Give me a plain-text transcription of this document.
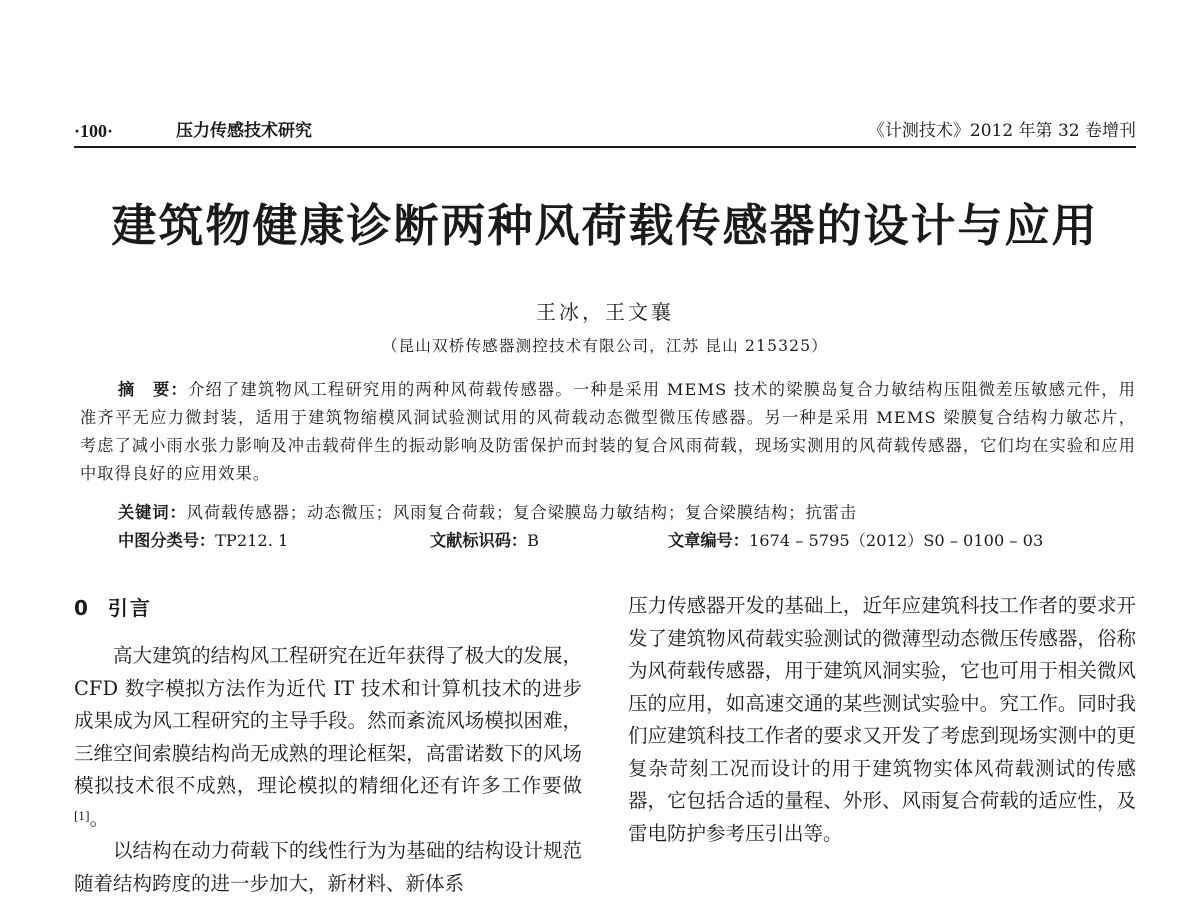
·100·	压力传感技术研究	《计测技术》2012 年第 32 卷增刊
建筑物健康诊断两种风荷载传感器的设计与应用
王冰，王文襄
（昆山双桥传感器测控技术有限公司，江苏 昆山 215325）
摘　要：介绍了建筑物风工程研究用的两种风荷载传感器。一种是采用 MEMS 技术的梁膜岛复合力敏结构压阻微差压敏感元件，用准齐平无应力微封装，适用于建筑物缩模风洞试验测试用的风荷载动态微型微压传感器。另一种是采用 MEMS 梁膜复合结构力敏芯片，考虑了减小雨水张力影响及冲击载荷伴生的振动影响及防雷保护而封装的复合风雨荷载，现场实测用的风荷载传感器，它们均在实验和应用中取得良好的应用效果。
关键词：风荷载传感器；动态微压；风雨复合荷载；复合梁膜岛力敏结构；复合梁膜结构；抗雷击
中图分类号：TP212. 1	文献标识码：B	文章编号：1674 – 5795（2012）S0 – 0100 – 03
0 引言

高大建筑的结构风工程研究在近年获得了极大的发展，CFD 数字模拟方法作为近代 IT 技术和计算机技术的进步成果成为风工程研究的主导手段。然而紊流风场模拟困难，三维空间索膜结构尚无成熟的理论框架，高雷诺数下的风场模拟技术很不成熟，理论模拟的精细化还有许多工作要做[1]。

以结构在动力荷载下的线性行为为基础的结构设计规范随着结构跨度的进一步加大，新材料、新体系

压力传感器开发的基础上，近年应建筑科技工作者的要求开发了建筑物风荷载实验测试的微薄型动态微压传感器，俗称为风荷载传感器，用于建筑风洞实验，它也可用于相关微风压的应用，如高速交通的某些测试实验中。究工作。同时我们应建筑科技工作者的要求又开发了考虑到现场实测中的更复杂苛刻工况而设计的用于建筑物实体风荷载测试的传感器，它包括合适的量程、外形、风雨复合荷载的适应性，及雷电防护参考压引出等。
